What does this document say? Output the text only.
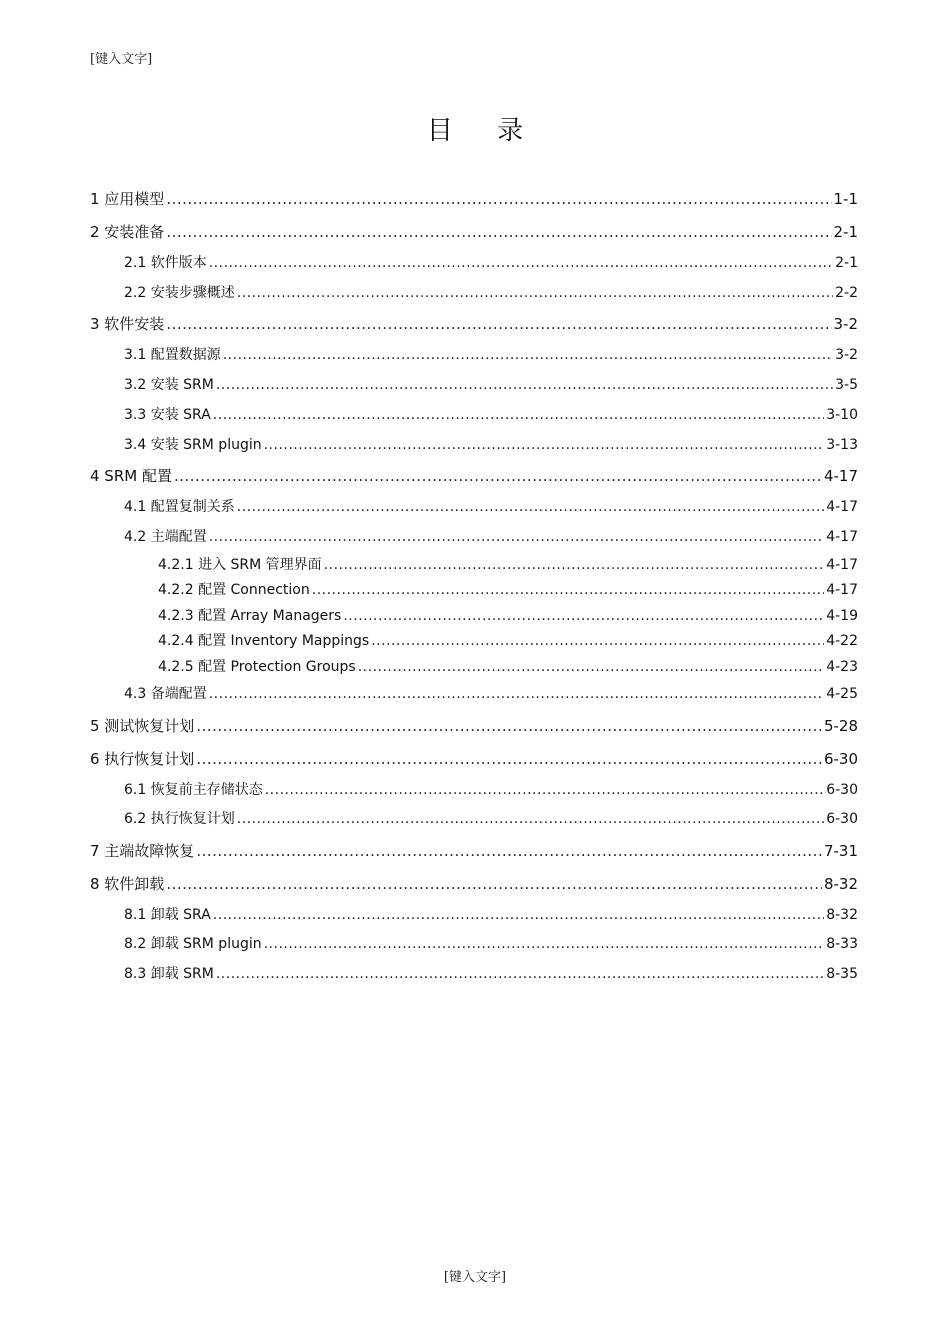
[键入文字]
目 录
1 应用模型 .....	1-1
2 安装准备 .....	2-1
2.1 软件版本 .....	2-1
2.2 安装步骤概述 .....	2-2
3 软件安装 .....	3-2
3.1 配置数据源 .....	3-2
3.2 安装 SRM .....	3-5
3.3 安装 SRA .....	3-10
3.4 安装 SRM plugin .....	3-13
4 SRM 配置 .....	4-17
4.1 配置复制关系 .....	4-17
4.2 主端配置 .....	4-17
4.2.1 进入 SRM 管理界面 .....	4-17
4.2.2 配置 Connection .....	4-17
4.2.3 配置 Array Managers .....	4-19
4.2.4 配置 Inventory Mappings .....	4-22
4.2.5 配置 Protection Groups .....	4-23
4.3 备端配置 .....	4-25
5 测试恢复计划 .....	5-28
6 执行恢复计划 .....	6-30
6.1 恢复前主存储状态 .....	6-30
6.2 执行恢复计划 .....	6-30
7 主端故障恢复 .....	7-31
8 软件卸载 .....	8-32
8.1 卸载 SRA .....	8-32
8.2 卸载 SRM plugin .....	8-33
8.3 卸载 SRM .....	8-35
[键入文字]
